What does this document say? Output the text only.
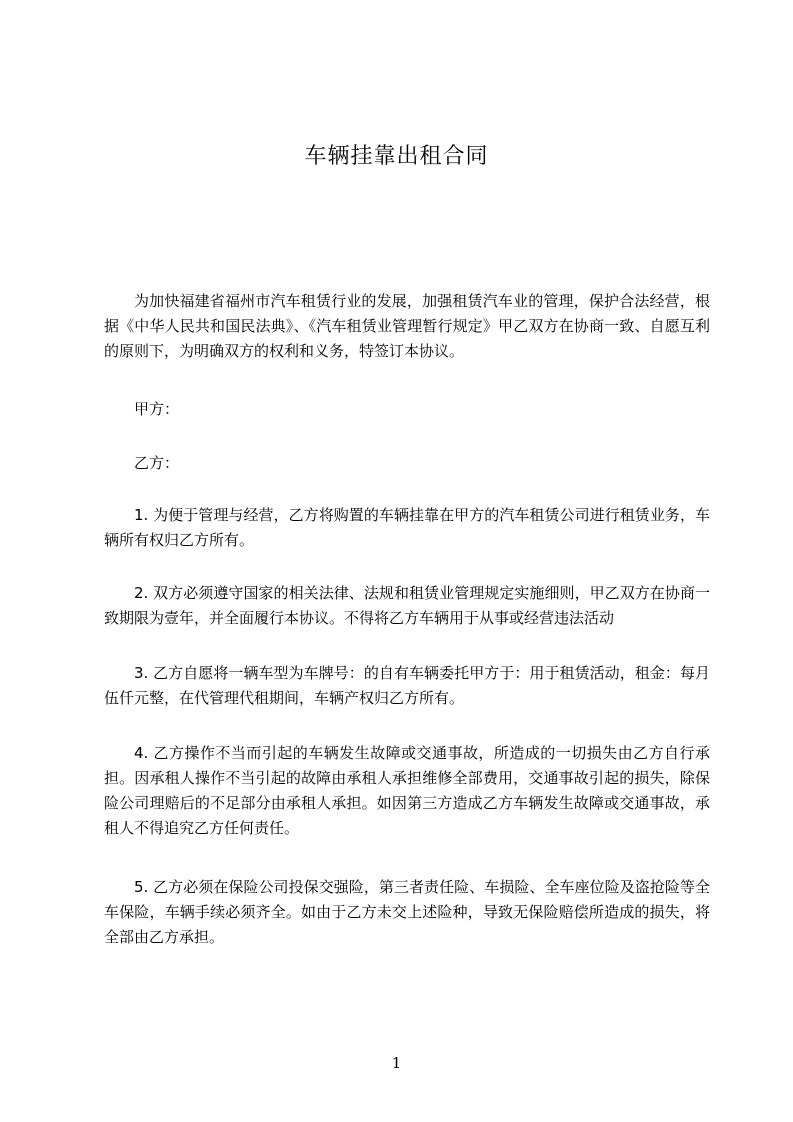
车辆挂靠出租合同

为加快福建省福州市汽车租赁行业的发展，加强租赁汽车业的管理，保护合法经营，根据《中华人民共和国民法典》、《汽车租赁业管理暂行规定》甲乙双方在协商一致、自愿互利的原则下，为明确双方的权利和义务，特签订本协议。

甲方：
乙方：

1. 为便于管理与经营，乙方将购置的车辆挂靠在甲方的汽车租赁公司进行租赁业务，车辆所有权归乙方所有。

2. 双方必须遵守国家的相关法律、法规和租赁业管理规定实施细则，甲乙双方在协商一致期限为壹年，并全面履行本协议。不得将乙方车辆用于从事或经营违法活动

3. 乙方自愿将一辆车型为车牌号：的自有车辆委托甲方于：用于租赁活动，租金：每月伍仟元整，在代管理代租期间，车辆产权归乙方所有。

4. 乙方操作不当而引起的车辆发生故障或交通事故，所造成的一切损失由乙方自行承担。因承租人操作不当引起的故障由承租人承担维修全部费用，交通事故引起的损失，除保险公司理赔后的不足部分由承租人承担。如因第三方造成乙方车辆发生故障或交通事故，承租人不得追究乙方任何责任。

5. 乙方必须在保险公司投保交强险，第三者责任险、车损险、全车座位险及盗抢险等全车保险，车辆手续必须齐全。如由于乙方未交上述险种，导致无保险赔偿所造成的损失，将全部由乙方承担。

1
